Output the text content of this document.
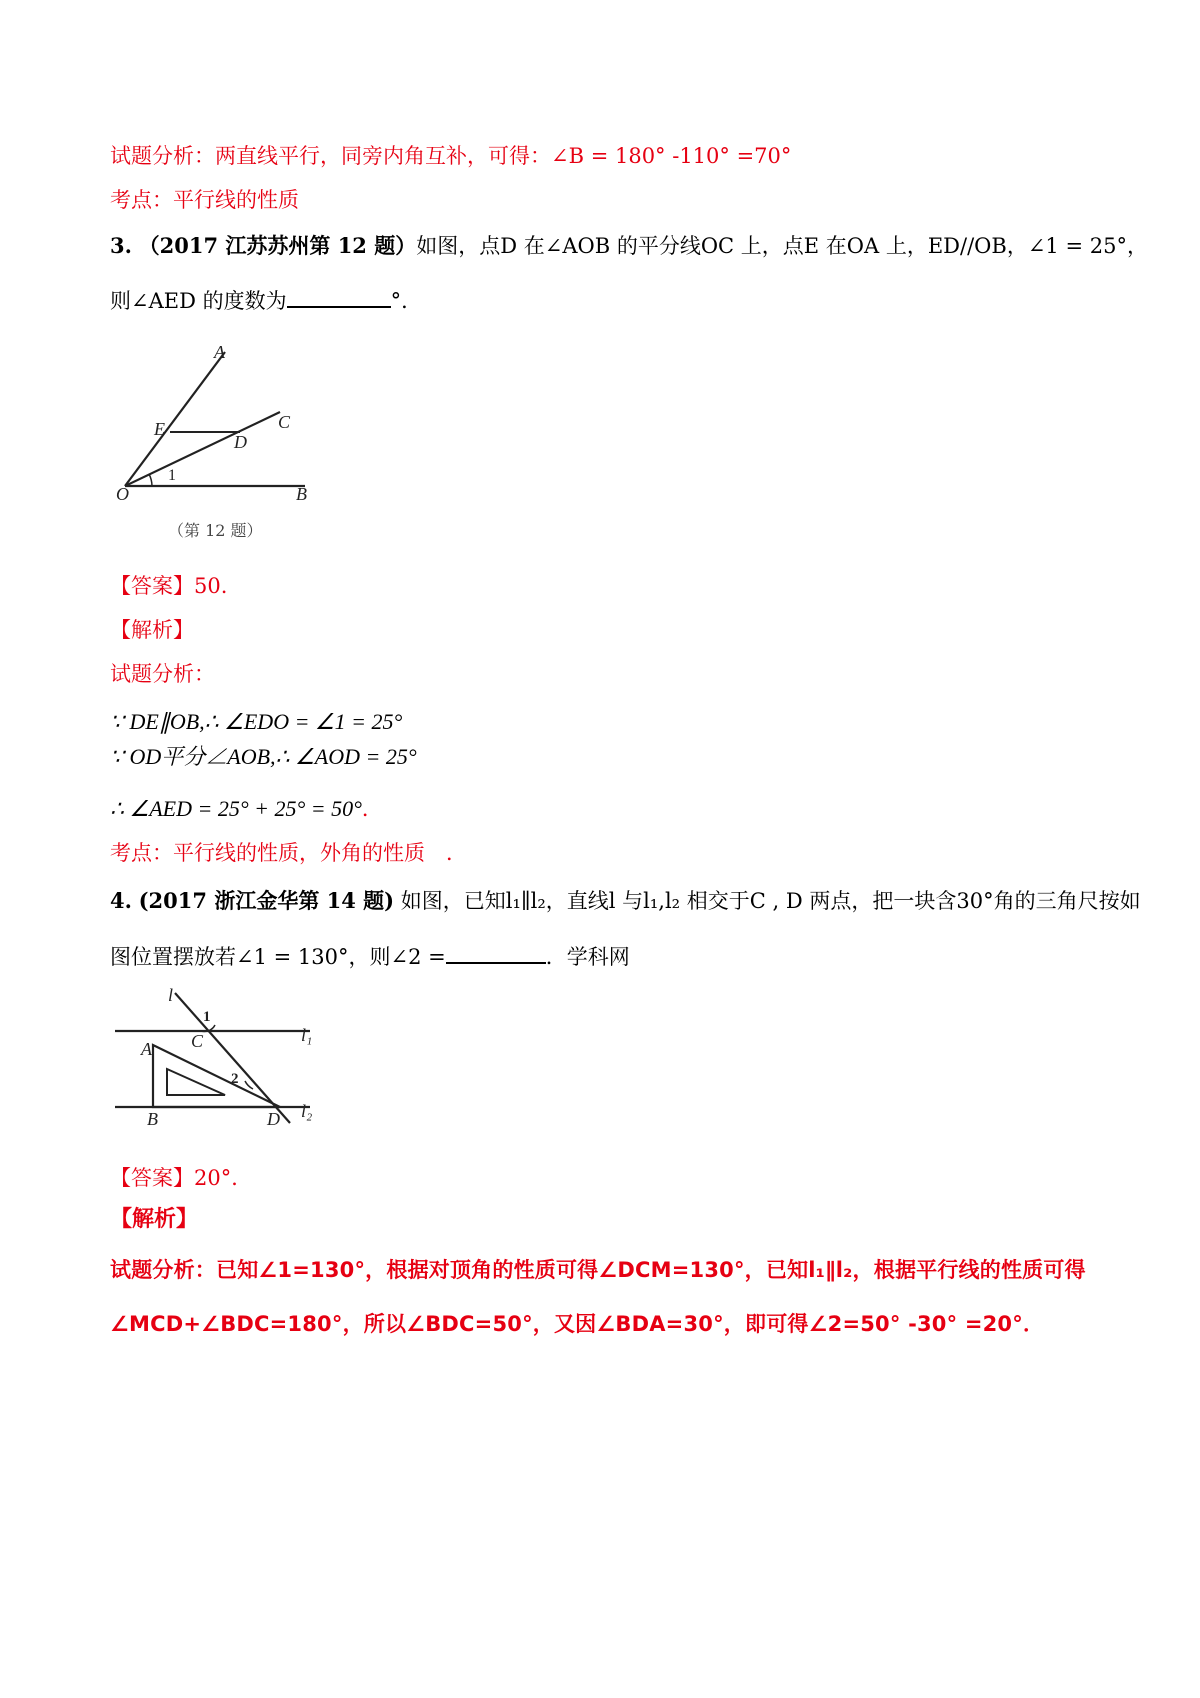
试题分析：两直线平行，同旁内角互补，可得：∠B = 180° -110° =70°
考点：平行线的性质
3. （2017 江苏苏州第 12 题）如图，点D 在∠AOB 的平分线OC 上，点E 在OA 上，ED//OB，∠1 = 25°，
则∠AED 的度数为	°．
A
C
E
D
1
O	B
（第 12 题）
【答案】50.
【解析】
试题分析：
∵ DE∥OB,∴ ∠EDO = ∠1 = 25°
∵ OD平分∠AOB,∴ ∠AOD = 25°
∴ ∠AED = 25° + 25° = 50°．
考点：平行线的性质，外角的性质　．
4. (2017 浙江金华第 14 题) 如图，已知l₁∥l₂，直线l 与l₁,l₂ 相交于C , D 两点，把一块含30°角的三角尺按如
图位置摆放若∠1 = 130°，则∠2 =	．学科网
l
1
l₁
A C
2
B	D l₂
【答案】20°．
【解析】
试题分析：已知∠1=130°，根据对顶角的性质可得∠DCM=130°，已知l₁∥l₂，根据平行线的性质可得
∠MCD+∠BDC=180°，所以∠BDC=50°，又因∠BDA=30°，即可得∠2=50° -30° =20°．
